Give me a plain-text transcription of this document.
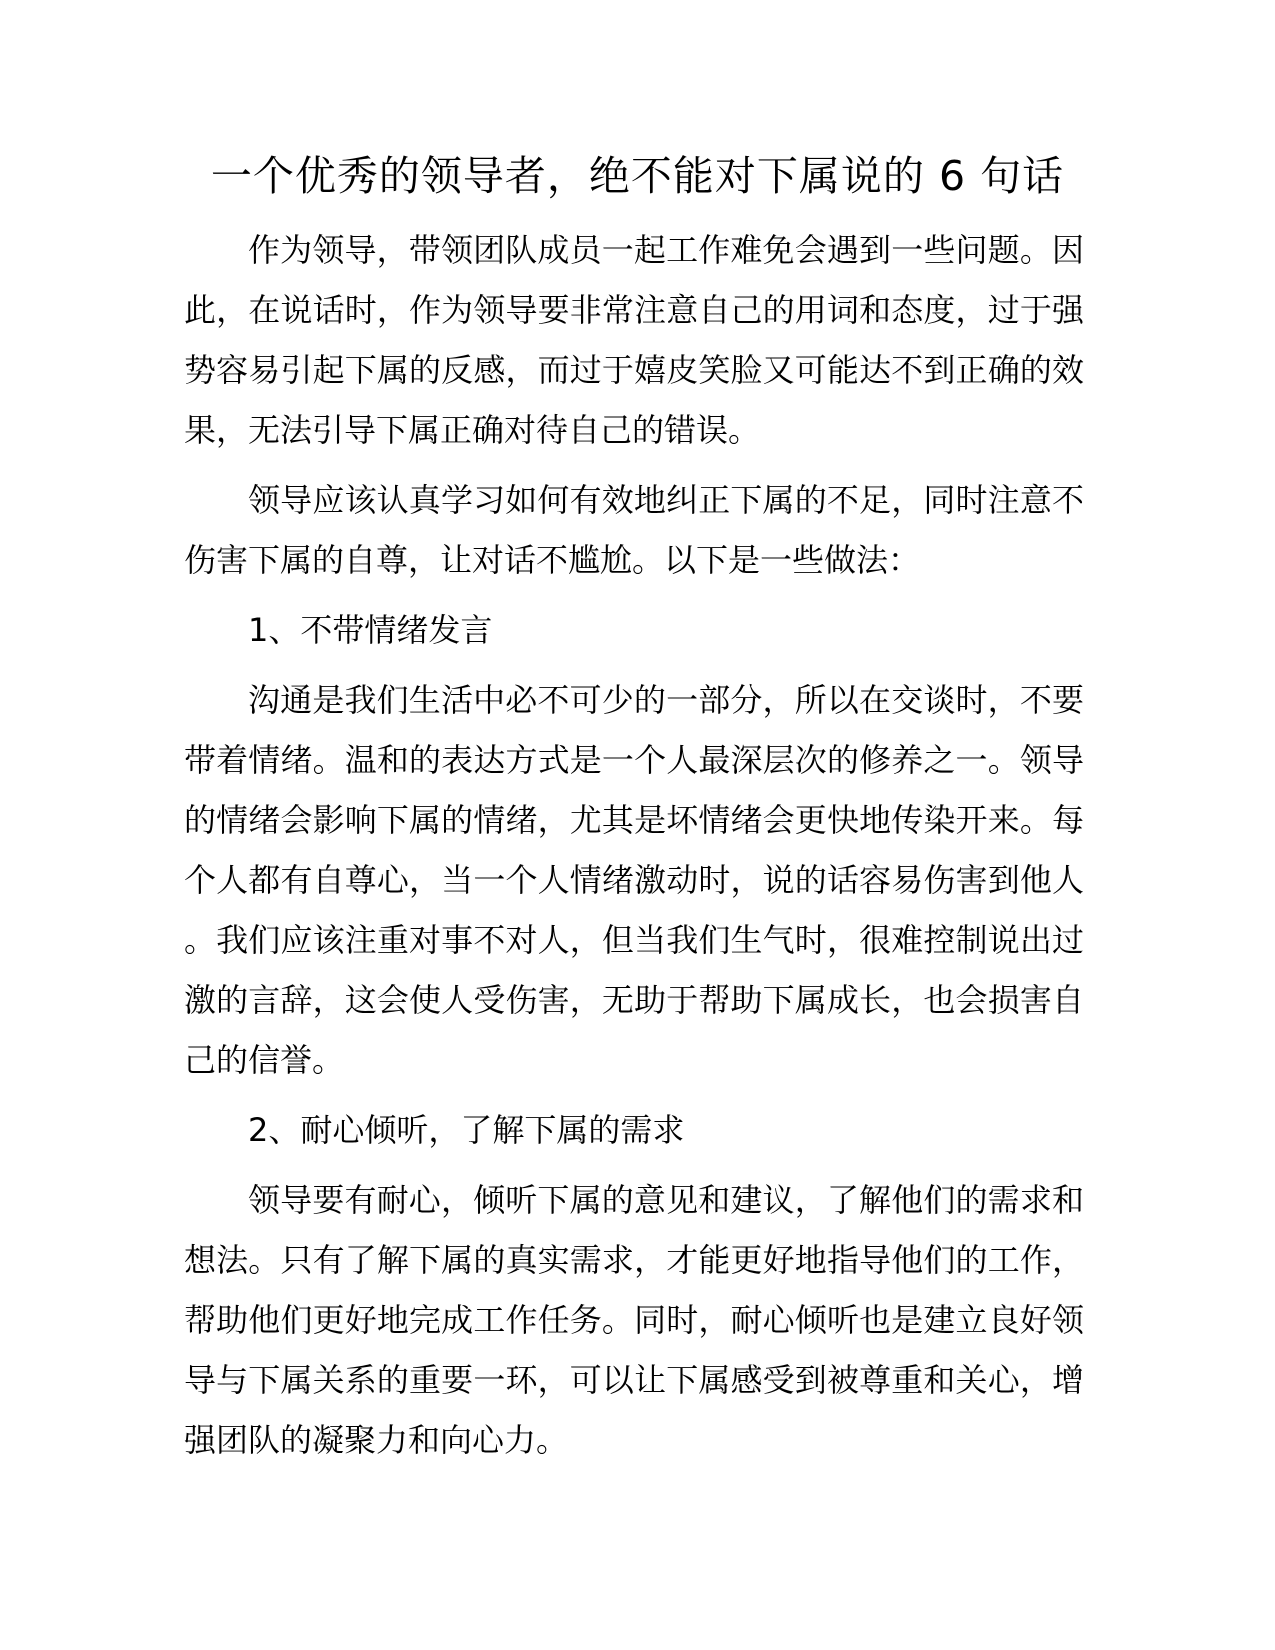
一个优秀的领导者，绝不能对下属说的 6 句话

作为领导，带领团队成员一起工作难免会遇到一些问题。因此，在说话时，作为领导要非常注意自己的用词和态度，过于强势容易引起下属的反感，而过于嬉皮笑脸又可能达不到正确的效果，无法引导下属正确对待自己的错误。

领导应该认真学习如何有效地纠正下属的不足，同时注意不伤害下属的自尊，让对话不尴尬。以下是一些做法：

1、不带情绪发言

沟通是我们生活中必不可少的一部分，所以在交谈时，不要带着情绪。温和的表达方式是一个人最深层次的修养之一。领导的情绪会影响下属的情绪，尤其是坏情绪会更快地传染开来。每个人都有自尊心，当一个人情绪激动时，说的话容易伤害到他人。我们应该注重对事不对人，但当我们生气时，很难控制说出过激的言辞，这会使人受伤害，无助于帮助下属成长，也会损害自己的信誉。

2、耐心倾听，了解下属的需求

领导要有耐心，倾听下属的意见和建议，了解他们的需求和想法。只有了解下属的真实需求，才能更好地指导他们的工作，帮助他们更好地完成工作任务。同时，耐心倾听也是建立良好领导与下属关系的重要一环，可以让下属感受到被尊重和关心，增强团队的凝聚力和向心力。
